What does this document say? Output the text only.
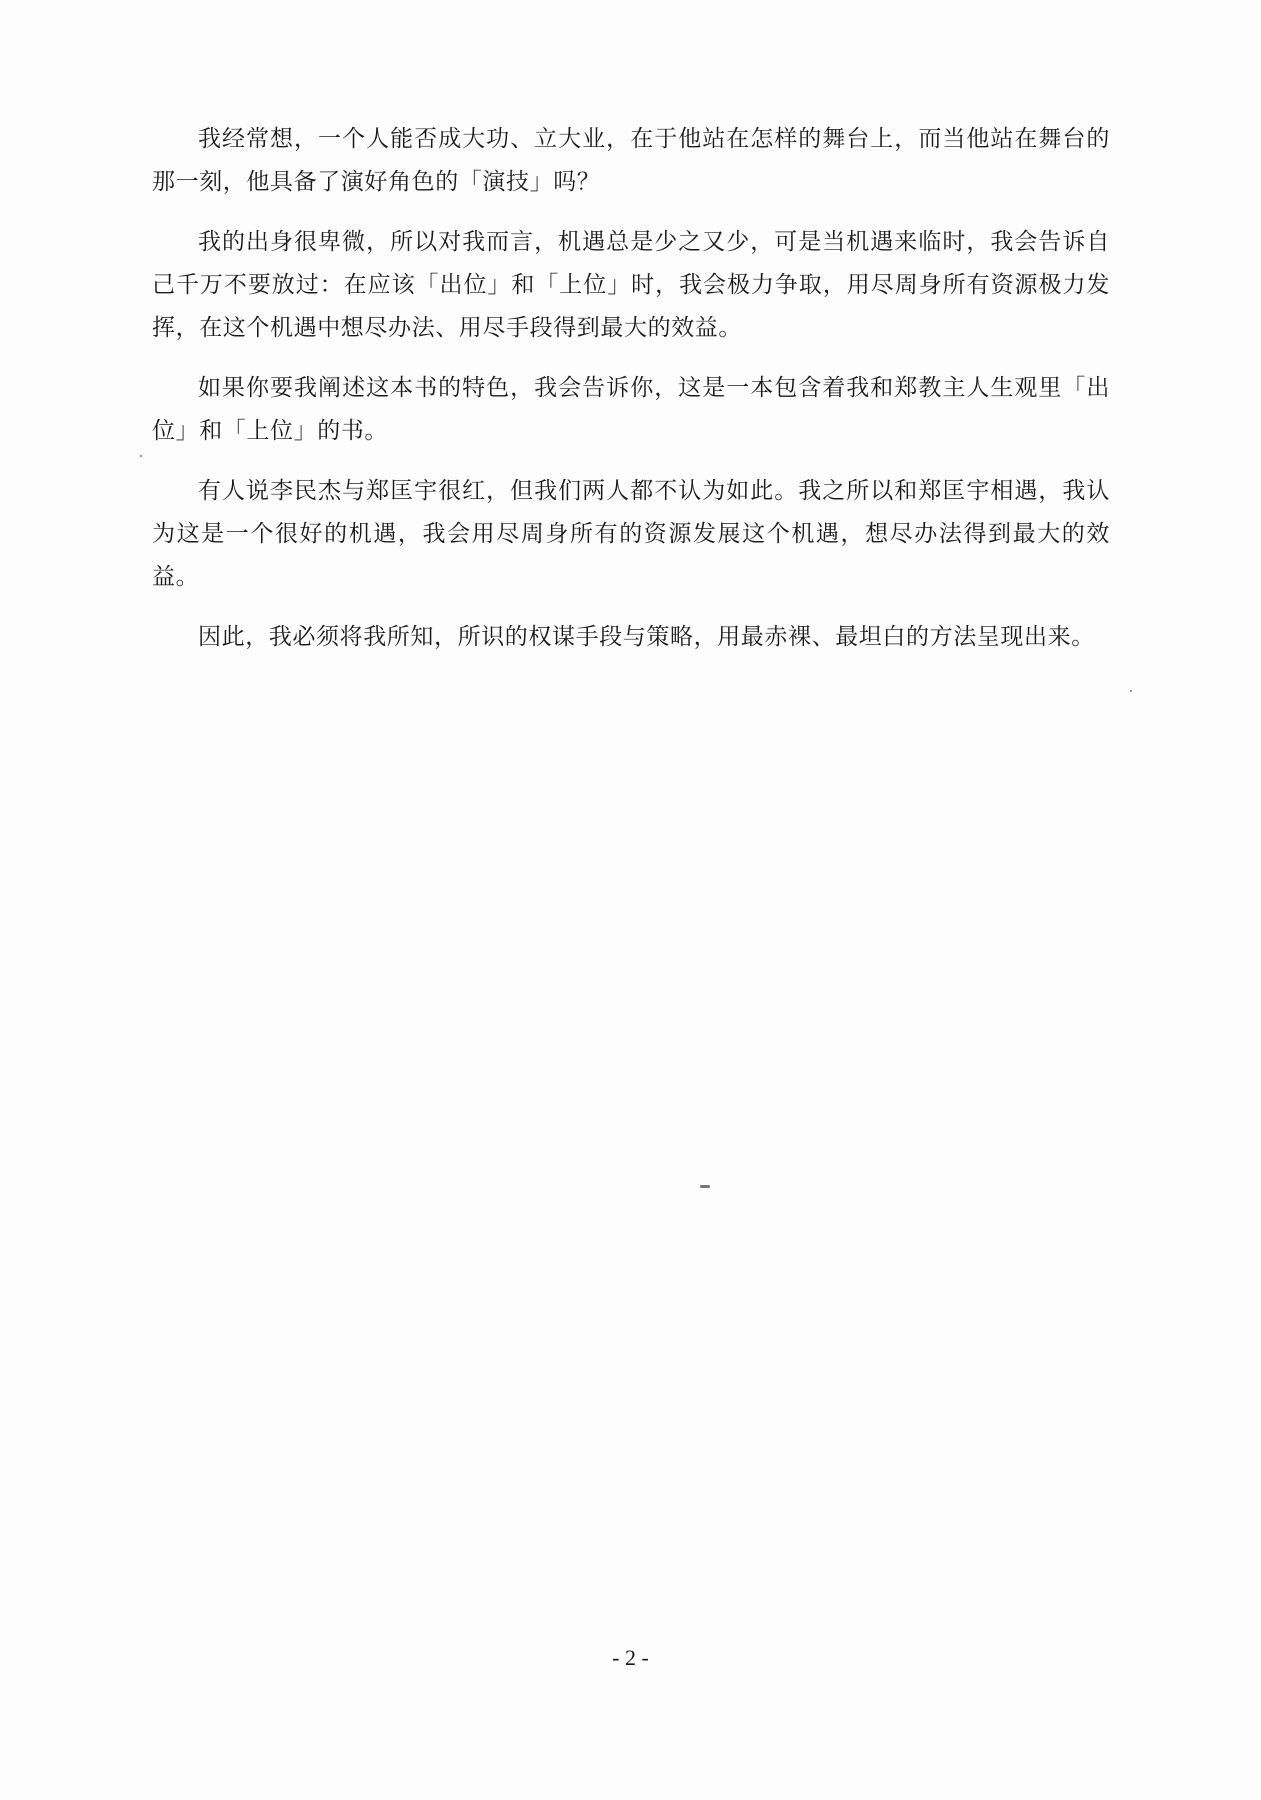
我经常想，一个人能否成大功、立大业，在于他站在怎样的舞台上，而当他站在舞台的那一刻，他具备了演好角色的「演技」吗？

我的出身很卑微，所以对我而言，机遇总是少之又少，可是当机遇来临时，我会告诉自己千万不要放过：在应该「出位」和「上位」时，我会极力争取，用尽周身所有资源极力发挥，在这个机遇中想尽办法、用尽手段得到最大的效益。

如果你要我阐述这本书的特色，我会告诉你，这是一本包含着我和郑教主人生观里「出位」和「上位」的书。

有人说李民杰与郑匡宇很红，但我们两人都不认为如此。我之所以和郑匡宇相遇，我认为这是一个很好的机遇，我会用尽周身所有的资源发展这个机遇，想尽办法得到最大的效益。

因此，我必须将我所知，所识的权谋手段与策略，用最赤裸、最坦白的方法呈现出来。

- 2 -
